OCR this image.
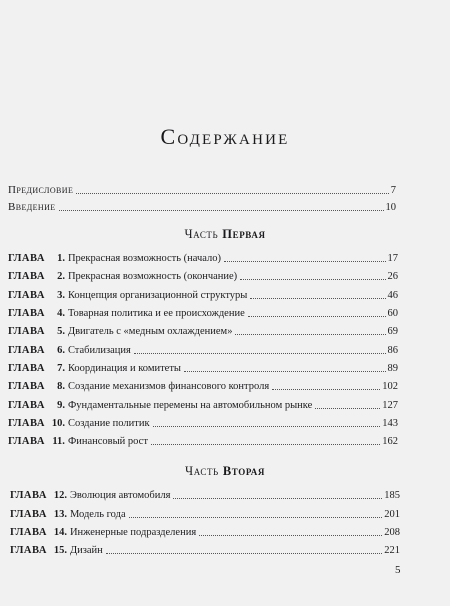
Содержание
Предисловие	7
Введение	10
Часть Первая
ГЛАВА	1. Прекрасная возможность (начало)	17
ГЛАВА	2. Прекрасная возможность (окончание)	26
ГЛАВА	3. Концепция организационной структуры	46
ГЛАВА	4. Товарная политика и ее происхождение	60
ГЛАВА	5. Двигатель с «медным охлаждением»	69
ГЛАВА	6. Стабилизация	86
ГЛАВА	7. Координация и комитеты	89
ГЛАВА	8. Создание механизмов финансового контроля	102
ГЛАВА	9. Фундаментальные перемены на автомобильном рынке	127
ГЛАВА 10. Создание политик	143
ГЛАВА 11. Финансовый рост	162
Часть Вторая
ГЛАВА 12. Эволюция автомобиля	185
ГЛАВА 13. Модель года	201
ГЛАВА 14. Инженерные подразделения	208
ГЛАВА 15. Дизайн	221
5
